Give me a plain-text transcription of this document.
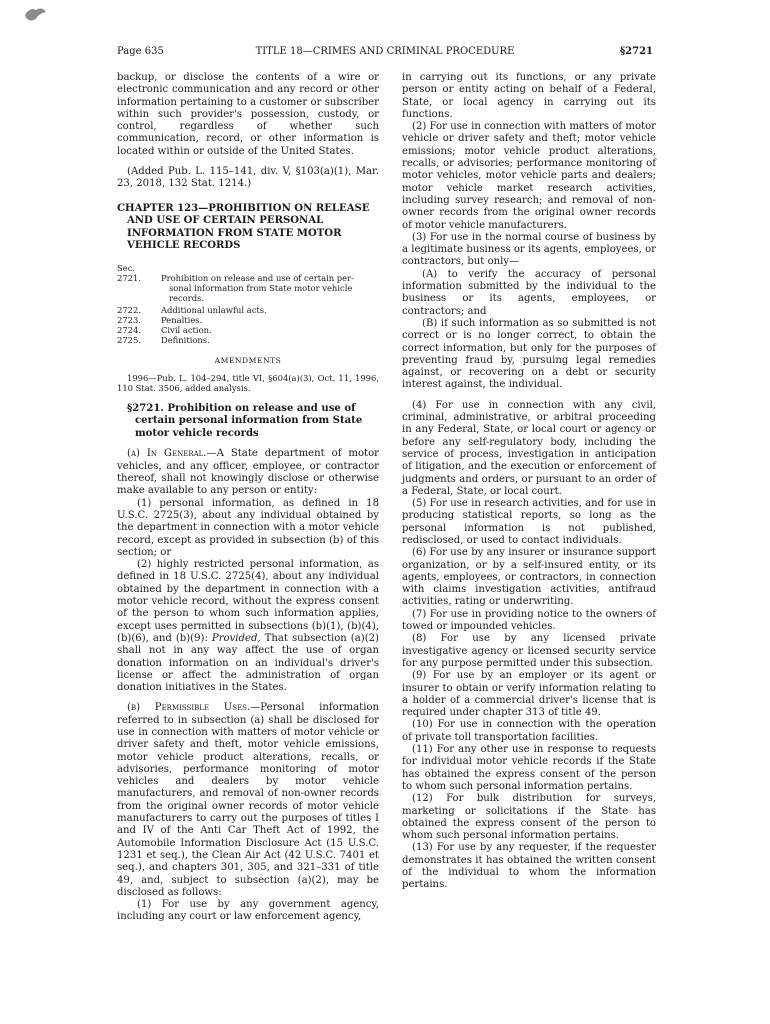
Page 635	TITLE 18—CRIMES AND CRIMINAL PROCEDURE	§2721

backup, or disclose the contents of a wire or electronic communication and any record or other information pertaining to a customer or subscriber within such provider's possession, custody, or control, regardless of whether such communication, record, or other information is located within or outside of the United States.

(Added Pub. L. 115–141, div. V, §103(a)(1), Mar. 23, 2018, 132 Stat. 1214.)

CHAPTER 123—PROHIBITION ON RELEASE AND USE OF CERTAIN PERSONAL INFORMATION FROM STATE MOTOR VEHICLE RECORDS

Sec.
2721.	Prohibition on release and use of certain per-
sonal information from State motor vehicle records.
2722.	Additional unlawful acts.
2723.	Penalties.
2724.	Civil action.
2725.	Definitions.
AMENDMENTS

1996—Pub. L. 104–294, title VI, §604(a)(3), Oct. 11, 1996, 110 Stat. 3506, added analysis.

§2721. Prohibition on release and use of certain personal information from State motor vehicle records

(a) In General.—A State department of motor vehicles, and any officer, employee, or contractor thereof, shall not knowingly disclose or otherwise make available to any person or entity:

(1) personal information, as defined in 18 U.S.C. 2725(3), about any individual obtained by the department in connection with a motor vehicle record, except as provided in subsection (b) of this section; or

(2) highly restricted personal information, as defined in 18 U.S.C. 2725(4), about any individual obtained by the department in connection with a motor vehicle record, without the express consent of the person to whom such information applies, except uses permitted in subsections (b)(1), (b)(4), (b)(6), and (b)(9): Provided, That subsection (a)(2) shall not in any way affect the use of organ donation information on an individual's driver's license or affect the administration of organ donation initiatives in the States.

(b) Permissible Uses.—Personal information referred to in subsection (a) shall be disclosed for use in connection with matters of motor vehicle or driver safety and theft, motor vehicle emissions, motor vehicle product alterations, recalls, or advisories, performance monitoring of motor vehicles and dealers by motor vehicle manufacturers, and removal of non-owner records from the original owner records of motor vehicle manufacturers to carry out the purposes of titles I and IV of the Anti Car Theft Act of 1992, the Automobile Information Disclosure Act (15 U.S.C. 1231 et seq.), the Clean Air Act (42 U.S.C. 7401 et seq.), and chapters 301, 305, and 321–331 of title 49, and, subject to subsection (a)(2), may be disclosed as follows:

(1) For use by any government agency, including any court or law enforcement agency,

in carrying out its functions, or any private person or entity acting on behalf of a Federal, State, or local agency in carrying out its functions.

(2) For use in connection with matters of motor vehicle or driver safety and theft; motor vehicle emissions; motor vehicle product alterations, recalls, or advisories; performance monitoring of motor vehicles, motor vehicle parts and dealers; motor vehicle market research activities, including survey research; and removal of non-owner records from the original owner records of motor vehicle manufacturers.

(3) For use in the normal course of business by a legitimate business or its agents, employees, or contractors, but only—

(A) to verify the accuracy of personal information submitted by the individual to the business or its agents, employees, or contractors; and

(B) if such information as so submitted is not correct or is no longer correct, to obtain the correct information, but only for the purposes of preventing fraud by, pursuing legal remedies against, or recovering on a debt or security interest against, the individual.

(4) For use in connection with any civil, criminal, administrative, or arbitral proceeding in any Federal, State, or local court or agency or before any self-regulatory body, including the service of process, investigation in anticipation of litigation, and the execution or enforcement of judgments and orders, or pursuant to an order of a Federal, State, or local court.

(5) For use in research activities, and for use in producing statistical reports, so long as the personal information is not published, redisclosed, or used to contact individuals.

(6) For use by any insurer or insurance support organization, or by a self-insured entity, or its agents, employees, or contractors, in connection with claims investigation activities, antifraud activities, rating or underwriting.

(7) For use in providing notice to the owners of towed or impounded vehicles.

(8) For use by any licensed private investigative agency or licensed security service for any purpose permitted under this subsection.

(9) For use by an employer or its agent or insurer to obtain or verify information relating to a holder of a commercial driver's license that is required under chapter 313 of title 49.

(10) For use in connection with the operation of private toll transportation facilities.

(11) For any other use in response to requests for individual motor vehicle records if the State has obtained the express consent of the person to whom such personal information pertains.

(12) For bulk distribution for surveys, marketing or solicitations if the State has obtained the express consent of the person to whom such personal information pertains.

(13) For use by any requester, if the requester demonstrates it has obtained the written consent of the individual to whom the information pertains.
